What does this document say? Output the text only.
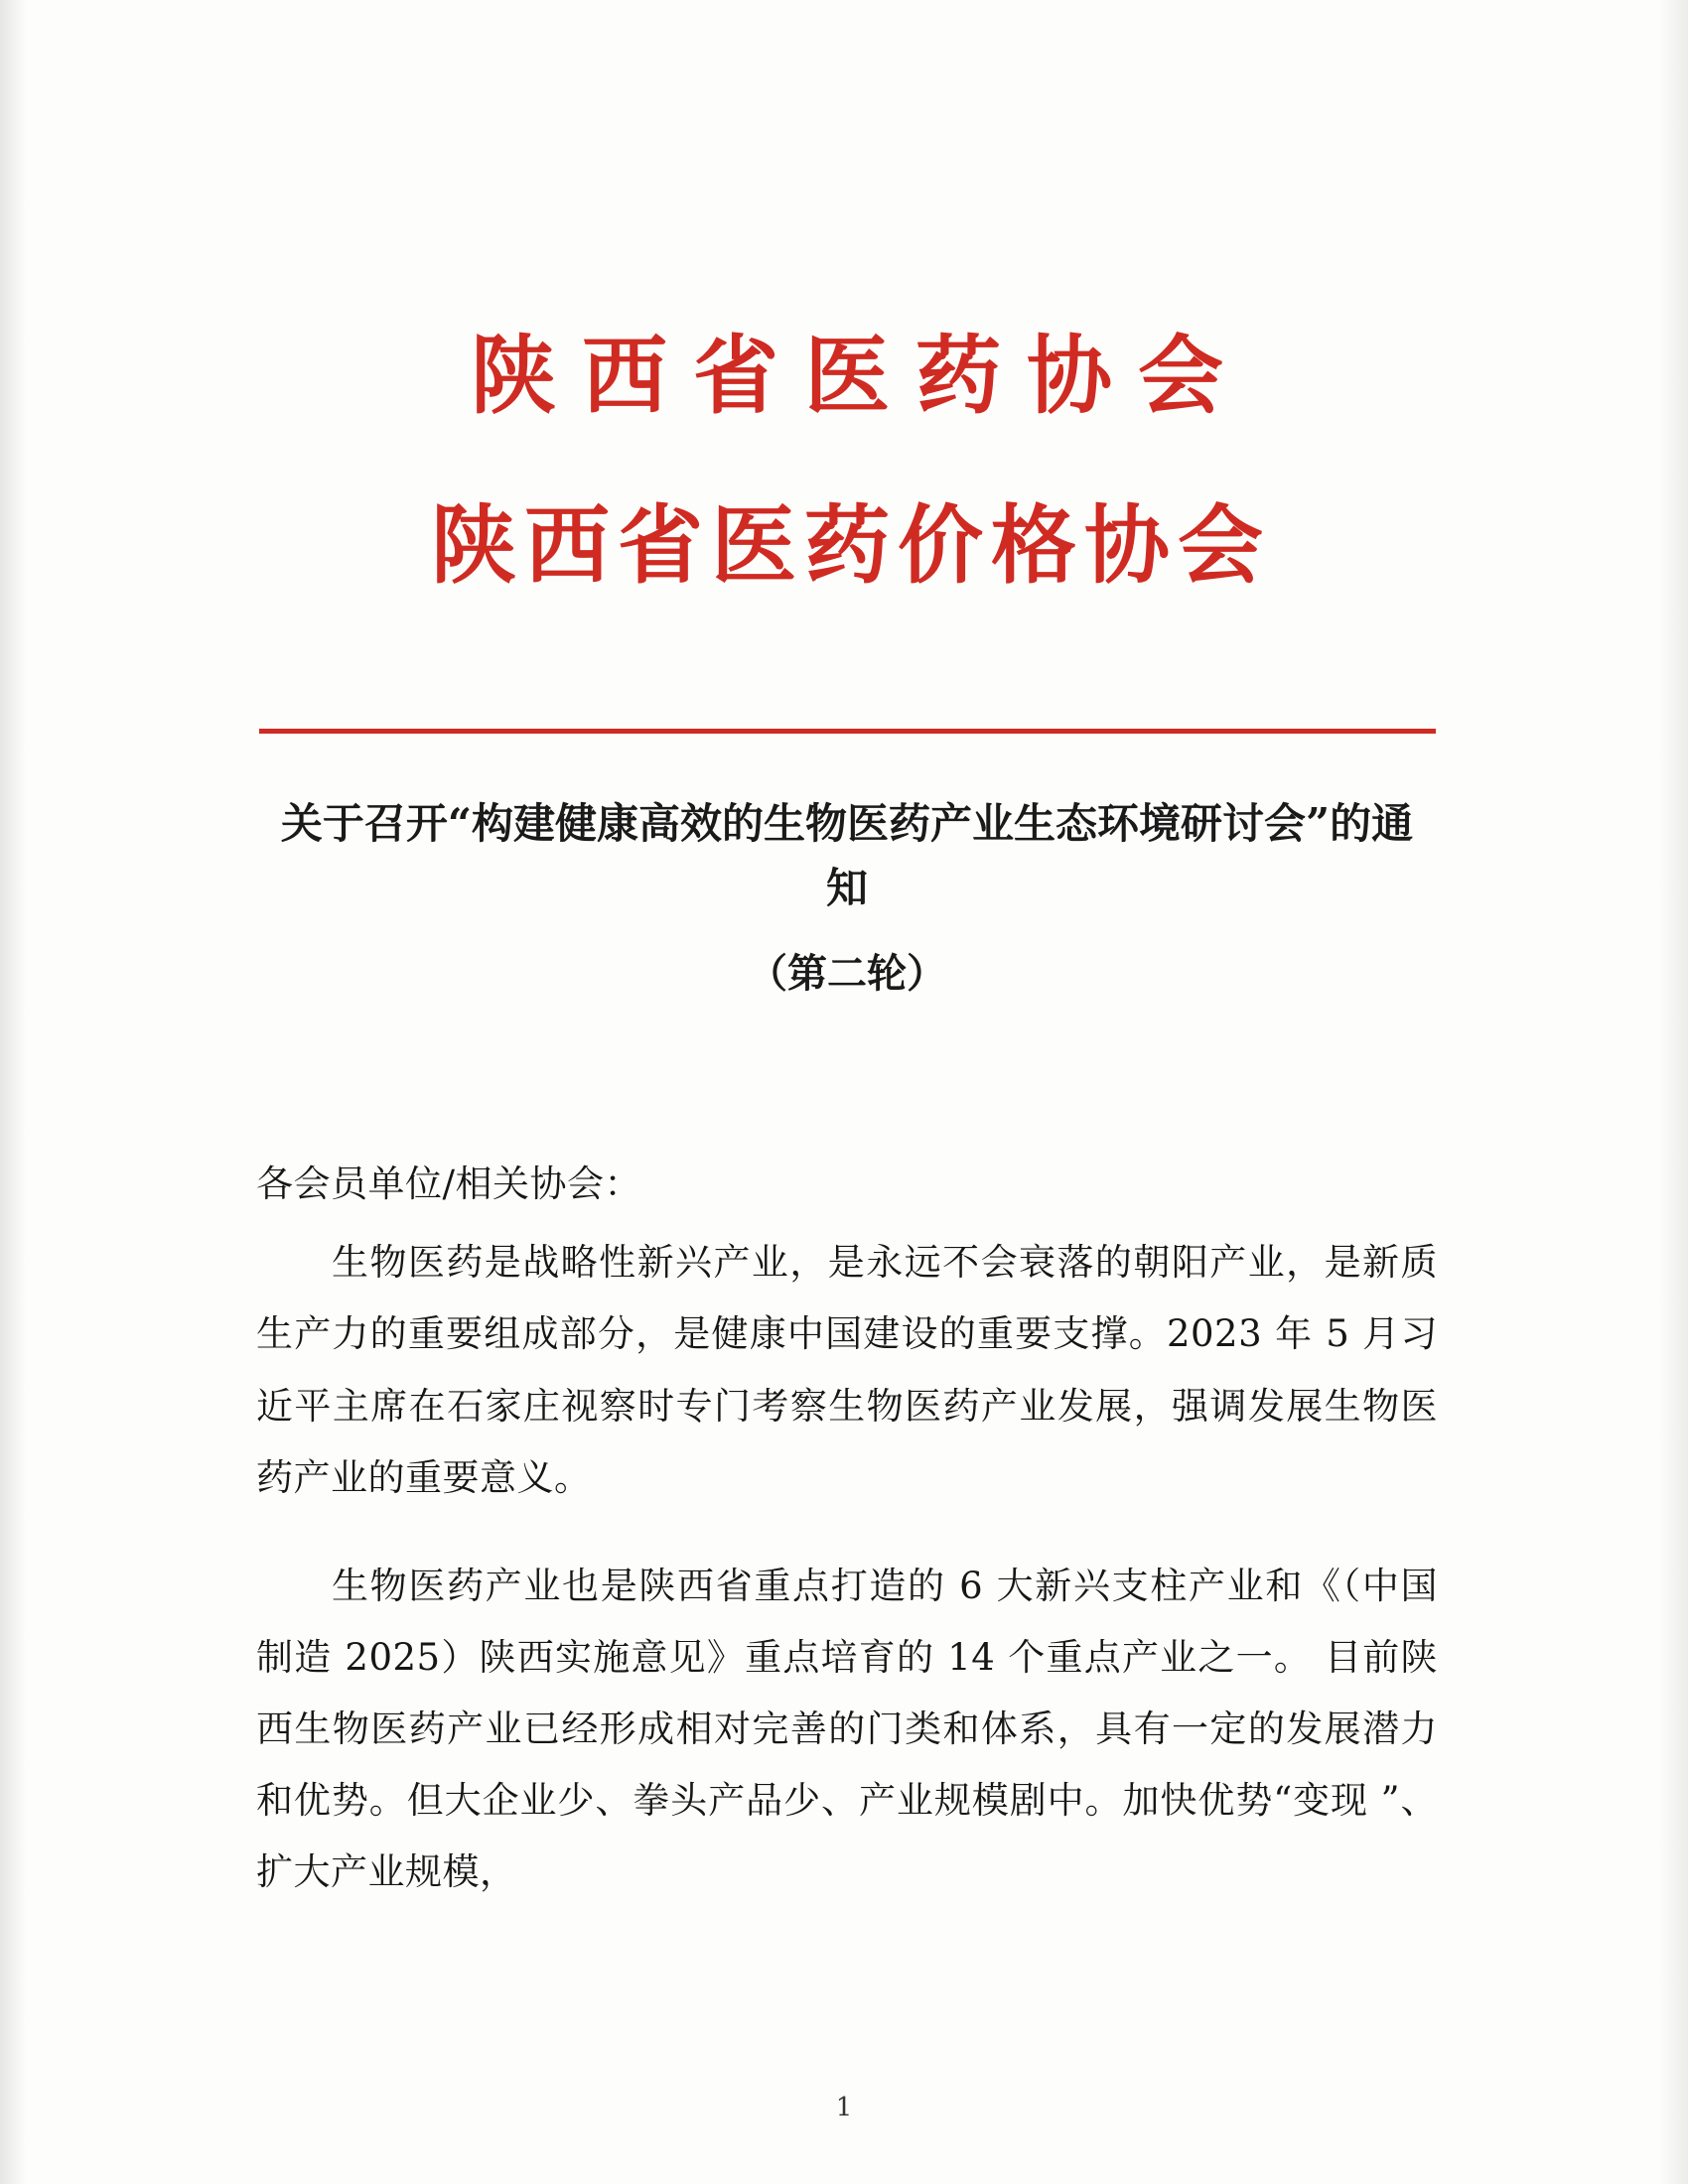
陕西省医药协会
陕西省医药价格协会
关于召开“构建健康高效的生物医药产业生态环境研讨会”的通知
（第二轮）
各会员单位/相关协会：

生物医药是战略性新兴产业，是永远不会衰落的朝阳产业，是新质生产力的重要组成部分，是健康中国建设的重要支撑。2023 年 5 月习近平主席在石家庄视察时专门考察生物医药产业发展，强调发展生物医药产业的重要意义。

生物医药产业也是陕西省重点打造的 6 大新兴支柱产业和《（中国制造 2025）陕西实施意见》重点培育的 14 个重点产业之一。 目前陕西生物医药产业已经形成相对完善的门类和体系，具有一定的发展潜力和优势。但大企业少、拳头产品少、产业规模剧中。加快优势“变现 ”、扩大产业规模，

1
